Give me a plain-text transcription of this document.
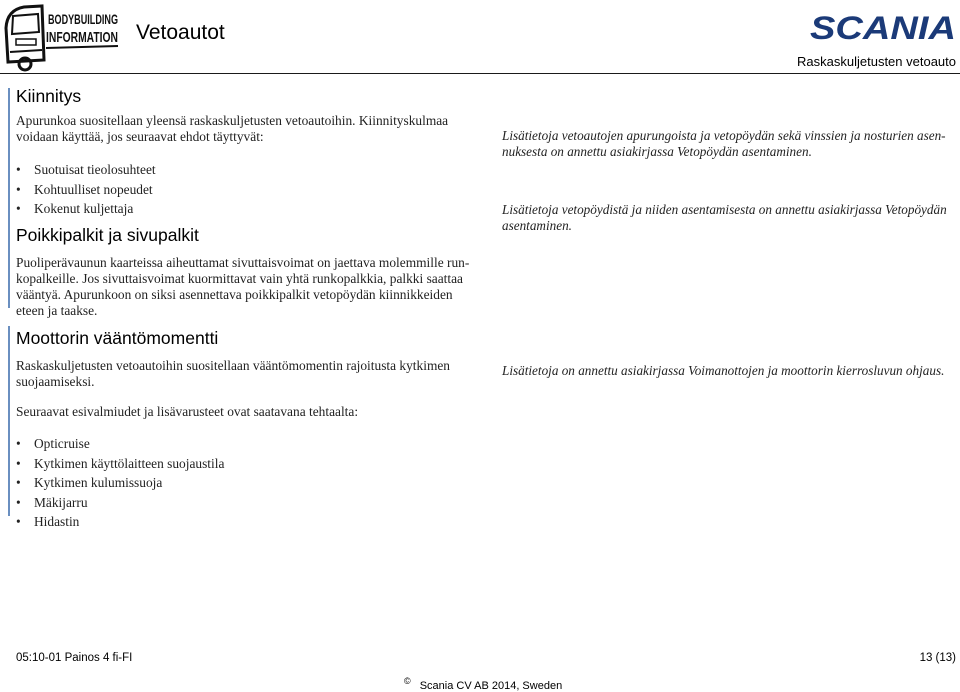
BODYBUILDING
INFORMATION Vetoautot	SCANIA
Raskaskuljetusten vetoauto
Kiinnitys
Apurunkoa suositellaan yleensä raskaskuljetusten vetoautoihin. Kiinnityskulmaa
voidaan käyttää, jos seuraavat ehdot täyttyvät:
• Suotuisat tieolosuhteet
• Kohtuulliset nopeudet
• Kokenut kuljettaja
Poikkipalkit ja sivupalkit
Puoliperävaunun kaarteissa aiheuttamat sivuttaisvoimat on jaettava molemmille run-
kopalkeille. Jos sivuttaisvoimat kuormittavat vain yhtä runkopalkkia, palkki saattaa
vääntyä. Apurunkoon on siksi asennettava poikkipalkit vetopöydän kiinnikkeiden
eteen ja taakse.
Moottorin vääntömomentti
Raskaskuljetusten vetoautoihin suositellaan vääntömomentin rajoitusta kytkimen
suojaamiseksi.
Seuraavat esivalmiudet ja lisävarusteet ovat saatavana tehtaalta:
• Opticruise
• Kytkimen käyttölaitteen suojaustila
• Kytkimen kulumissuoja
• Mäkijarru
• Hidastin
Lisätietoja vetoautojen apurungoista ja vetopöydän sekä vinssien ja nosturien asen-
nuksesta on annettu asiakirjassa Vetopöydän asentaminen.
Lisätietoja vetopöydistä ja niiden asentamisesta on annettu asiakirjassa Vetopöydän
asentaminen.
Lisätietoja on annettu asiakirjassa Voimanottojen ja moottorin kierrosluvun ohjaus.
05:10-01 Painos 4 fi-FI	13 (13)
© Scania CV AB 2014, Sweden
